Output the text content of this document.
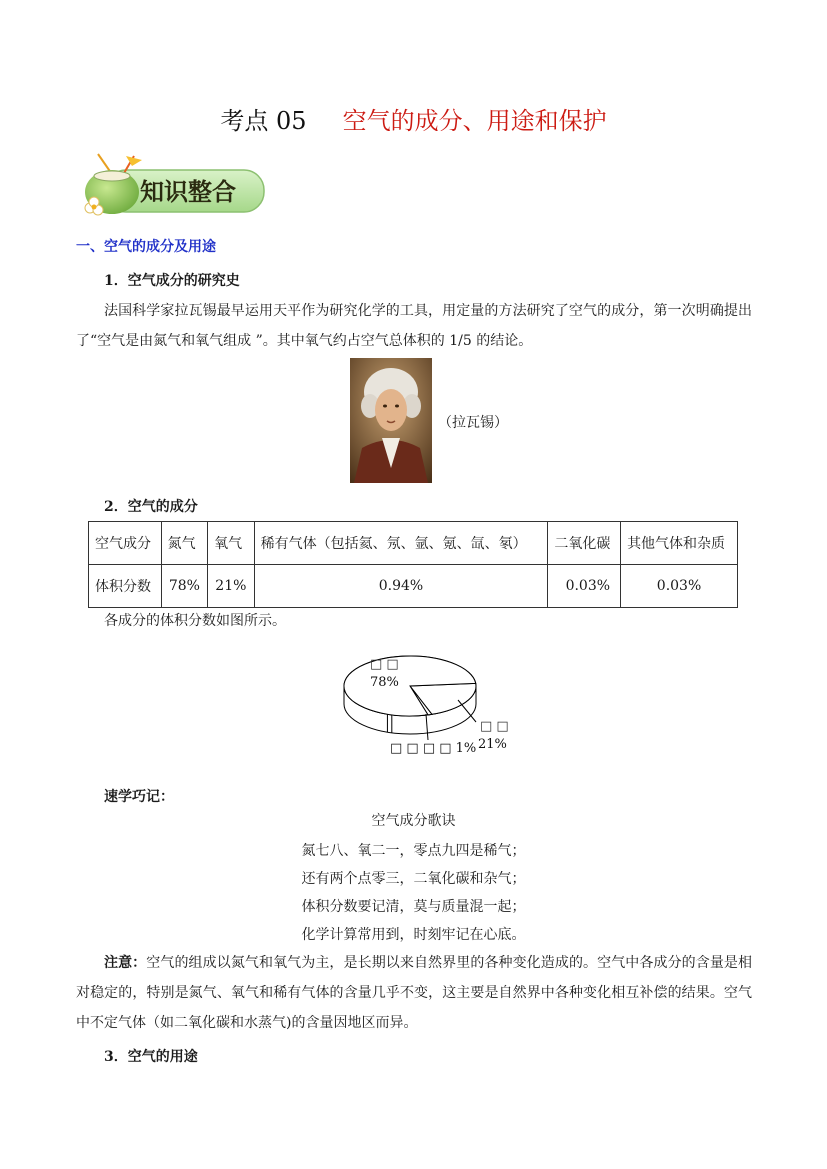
考点 05 空气的成分、用途和保护
知识整合
一、空气的成分及用途
1．空气成分的研究史
法国科学家拉瓦锡最早运用天平作为研究化学的工具，用定量的方法研究了空气的成分，第一次明确提出了“空气是由氮气和氧气组成 ”。其中氧气约占空气总体积的 1/5 的结论。
（拉瓦锡）
2．空气的成分
空气成分	氮气	氧气	稀有气体（包括氦、氖、氩、氪、氙、氡）	二氧化碳	其他气体和杂质
体积分数	78%	21%	0.94%	0.03%	0.03%
各成分的体积分数如图所示。
□ □
78%
□ □
21%
□ □ □ □ 1%
速学巧记：
空气成分歌诀
氮七八、氧二一，零点九四是稀气；
还有两个点零三，二氧化碳和杂气；
体积分数要记清，莫与质量混一起；
化学计算常用到，时刻牢记在心底。
注意：空气的组成以氮气和氧气为主，是长期以来自然界里的各种变化造成的。空气中各成分的含量是相对稳定的，特别是氮气、氧气和稀有气体的含量几乎不变，这主要是自然界中各种变化相互补偿的结果。空气中不定气体（如二氧化碳和水蒸气)的含量因地区而异。
3．空气的用途
